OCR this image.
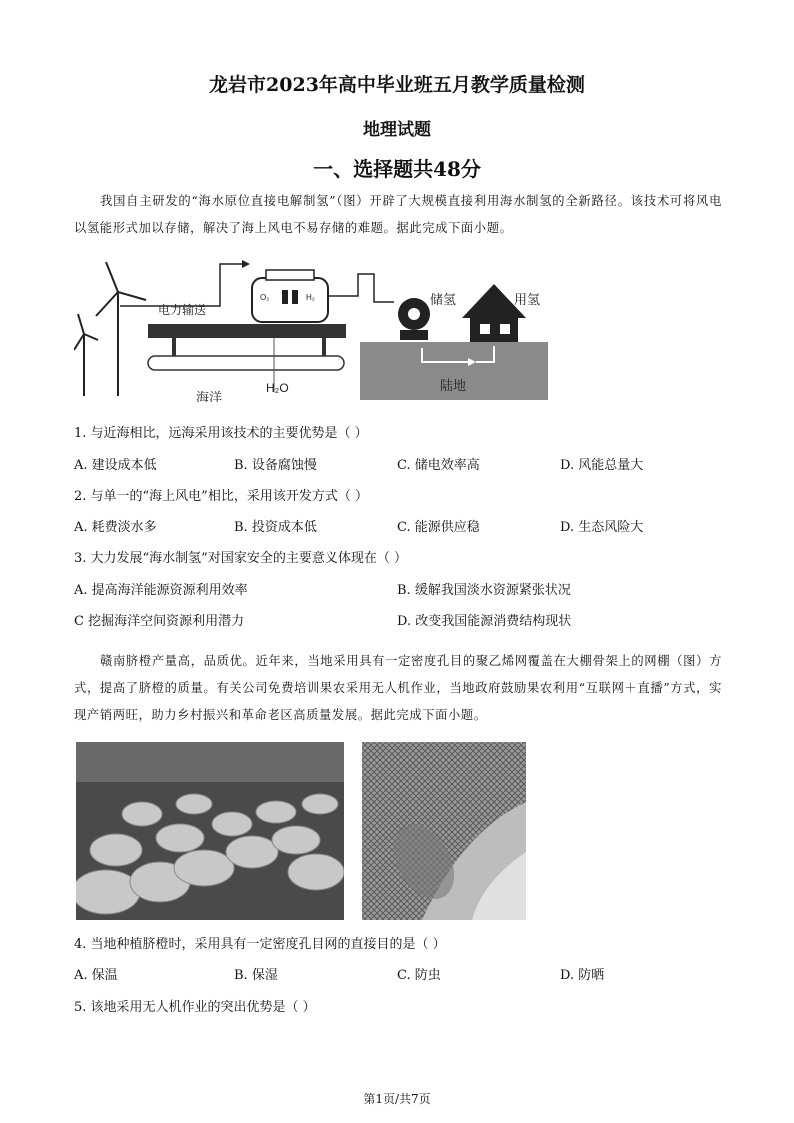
龙岩市2023年高中毕业班五月教学质量检测
地理试题
一、选择题共48分
我国自主研发的“海水原位直接电解制氢”（图）开辟了大规模直接利用海水制氢的全新路径。该技术可将风电以氢能形式加以存储，解决了海上风电不易存储的难题。据此完成下面小题。
电力输送
O₂	H₂	储氢	用氢
陆地
海洋
H₂O
1. 与近海相比，远海采用该技术的主要优势是（ ）
A. 建设成本低	B. 设备腐蚀慢	C. 储电效率高	D. 风能总量大
2. 与单一的“海上风电”相比，采用该开发方式（ ）
A. 耗费淡水多	B. 投资成本低	C. 能源供应稳	D. 生态风险大
3. 大力发展“海水制氢”对国家安全的主要意义体现在（ ）
A. 提高海洋能源资源利用效率	B. 缓解我国淡水资源紧张状况
C 挖掘海洋空间资源利用潜力	D. 改变我国能源消费结构现状
赣南脐橙产量高，品质优。近年来，当地采用具有一定密度孔目的聚乙烯网覆盖在大棚骨架上的网棚（图）方式，提高了脐橙的质量。有关公司免费培训果农采用无人机作业，当地政府鼓励果农利用“互联网＋直播”方式，实现产销两旺，助力乡村振兴和革命老区高质量发展。据此完成下面小题。
4. 当地种植脐橙时，采用具有一定密度孔目网的直接目的是（ ）
A. 保温	B. 保湿	C. 防虫	D. 防晒
5. 该地采用无人机作业的突出优势是（ ）
第1页/共7页
